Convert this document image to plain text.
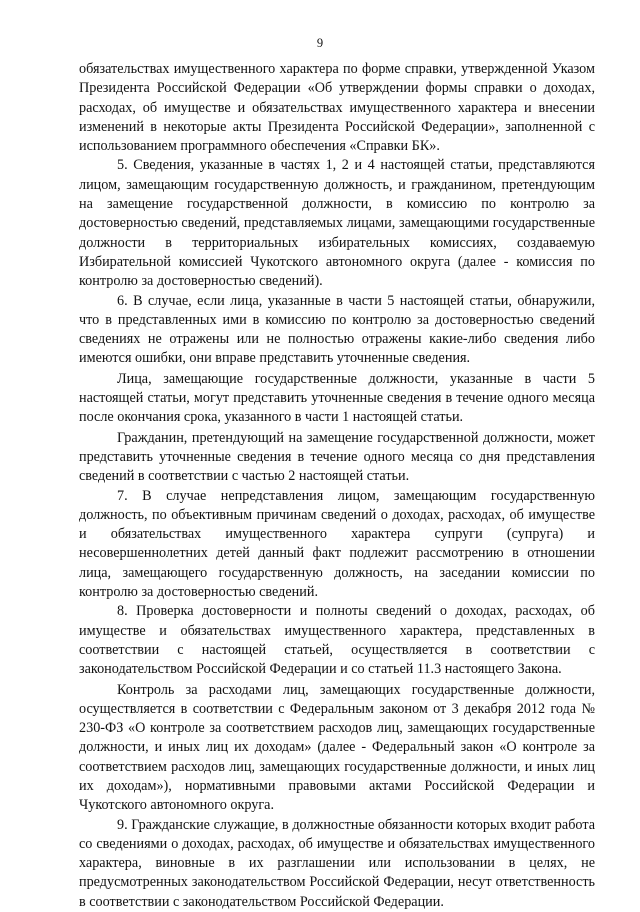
9

обязательствах имущественного характера по форме справки, утвержденной Указом Президента Российской Федерации «Об утверждении формы справки о доходах, расходах, об имуществе и обязательствах имущественного характера и внесении изменений в некоторые акты Президента Российской Федерации», заполненной с использованием программного обеспечения «Справки БК».

5. Сведения, указанные в частях 1, 2 и 4 настоящей статьи, представляются лицом, замещающим государственную должность, и гражданином, претендующим на замещение государственной должности, в комиссию по контролю за достоверностью сведений, представляемых лицами, замещающими государственные должности в территориальных избирательных комиссиях, создаваемую Избирательной комиссией Чукотского автономного округа (далее - комиссия по контролю за достоверностью сведений).

6. В случае, если лица, указанные в части 5 настоящей статьи, обнаружили, что в представленных ими в комиссию по контролю за достоверностью сведений сведениях не отражены или не полностью отражены какие-либо сведения либо имеются ошибки, они вправе представить уточненные сведения.

Лица, замещающие государственные должности, указанные в части 5 настоящей статьи, могут представить уточненные сведения в течение одного месяца после окончания срока, указанного в части 1 настоящей статьи.

Гражданин, претендующий на замещение государственной должности, может представить уточненные сведения в течение одного месяца со дня представления сведений в соответствии с частью 2 настоящей статьи.

7. В случае непредставления лицом, замещающим государственную должность, по объективным причинам сведений о доходах, расходах, об имуществе и обязательствах имущественного характера супруги (супруга) и несовершеннолетних детей данный факт подлежит рассмотрению в отношении лица, замещающего государственную должность, на заседании комиссии по контролю за достоверностью сведений.

8. Проверка достоверности и полноты сведений о доходах, расходах, об имуществе и обязательствах имущественного характера, представленных в соответствии с настоящей статьей, осуществляется в соответствии с законодательством Российской Федерации и со статьей 11.3 настоящего Закона.

Контроль за расходами лиц, замещающих государственные должности, осуществляется в соответствии с Федеральным законом от 3 декабря 2012 года № 230-ФЗ «О контроле за соответствием расходов лиц, замещающих государственные должности, и иных лиц их доходам» (далее - Федеральный закон «О контроле за соответствием расходов лиц, замещающих государственные должности, и иных лиц их доходам»), нормативными правовыми актами Российской Федерации и Чукотского автономного округа.

9. Гражданские служащие, в должностные обязанности которых входит работа со сведениями о доходах, расходах, об имуществе и обязательствах имущественного характера, виновные в их разглашении или использовании в целях, не предусмотренных законодательством Российской Федерации, несут ответственность в соответствии с законодательством Российской Федерации.
